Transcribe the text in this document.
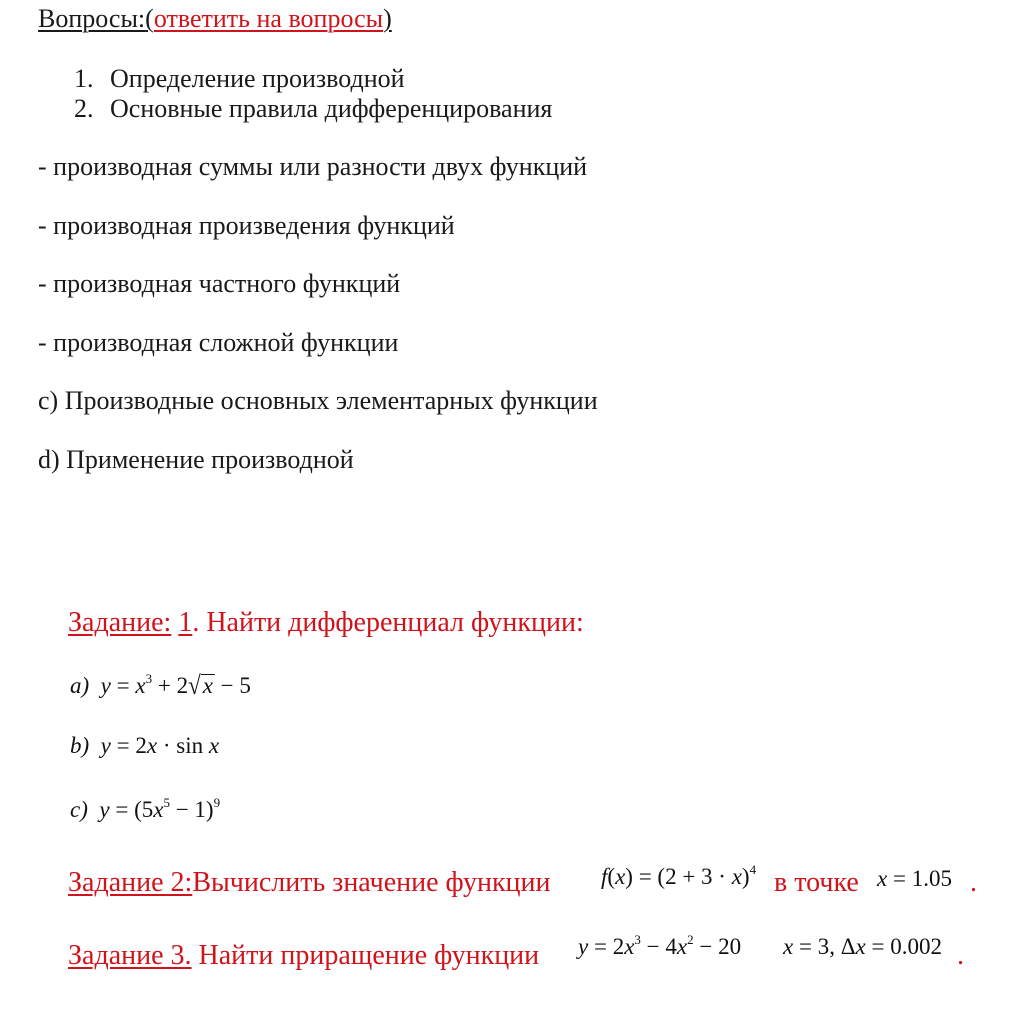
Вопросы:(ответить на вопросы)
1. Определение производной
2. Основные правила дифференцирования
- производная суммы или разности двух функций
- производная произведения функций
- производная частного функций
- производная сложной функции
с) Производные основных элементарных функции
d) Применение производной
Задание: 1. Найти дифференциал функции:
a)  $y = x^3 + 2√x - 5$
b)  y = 2x · sin x
c)  $y = (5x^5 - 1)^9$
Задание 2:Вычислить значение функции $f(x) = (2 + 3 \cdot x)^4$ в точке x = 1.05 .
Задание 3. Найти приращение функции $y = 2x^3 - 4x^2 - 20$ x = 3, Δx = 0.002 .
